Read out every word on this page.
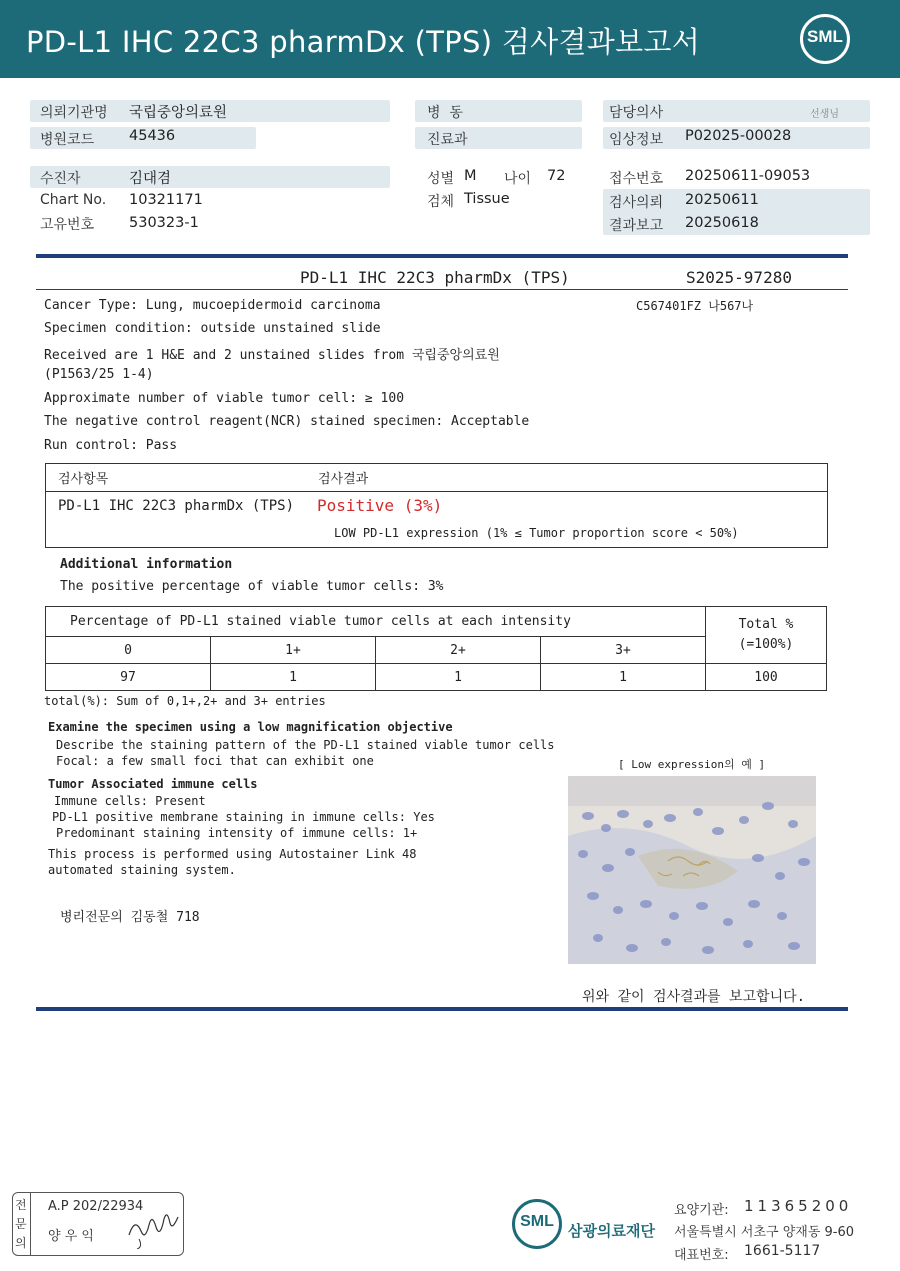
PD-L1 IHC 22C3 pharmDx (TPS) 검사결과보고서	SML
의뢰기관명 국립중앙의료원
병원코드 45436
병  동
진료과
담당의사	선생님
임상정보 P02025-00028
수진자	김대겸
Chart No. 10321171
고유번호 530323-1
성별 M 나이 72
검체 Tissue
접수번호 20250611-09053
검사의뢰 20250611
결과보고 20250618
PD-L1 IHC 22C3 pharmDx (TPS)	S2025-97280
C567401FZ 나567나
Cancer Type: Lung, mucoepidermoid carcinoma
Specimen condition: outside unstained slide
Received are 1 H&E and 2 unstained slides from 국립중앙의료원
(P1563/25 1-4)
Approximate number of viable tumor cell: ≥ 100
The negative control reagent(NCR) stained specimen: Acceptable
Run control: Pass
검사항목	검사결과
PD-L1 IHC 22C3 pharmDx (TPS) Positive (3%)
LOW PD-L1 expression (1% ≤ Tumor proportion score < 50%)
Additional information
The positive percentage of viable tumor cells: 3%
Percentage of PD-L1 stained viable tumor cells at each intensity				Total %
(=100%)

0	1+	2+	3+	
97	1	1	1	100
total(%): Sum of 0,1+,2+ and 3+ entries
Examine the specimen using a low magnification objective
Describe the staining pattern of the PD-L1 stained viable tumor cells
Focal: a few small foci that can exhibit one	[ Low expression의 예 ]
Tumor Associated immune cells
Immune cells: Present
PD-L1 positive membrane staining in immune cells: Yes
Predominant staining intensity of immune cells: 1+
This process is performed using Autostainer Link 48
automated staining system.
병리전문의 김동철 718
위와 같이 검사결과를 보고합니다.
전
문
의
A.P 202/22934
양 우 익
SML
삼광의료재단
요양기관: 11365200
서울특별시 서초구 양재동 9-60
대표번호: 1661-5117
